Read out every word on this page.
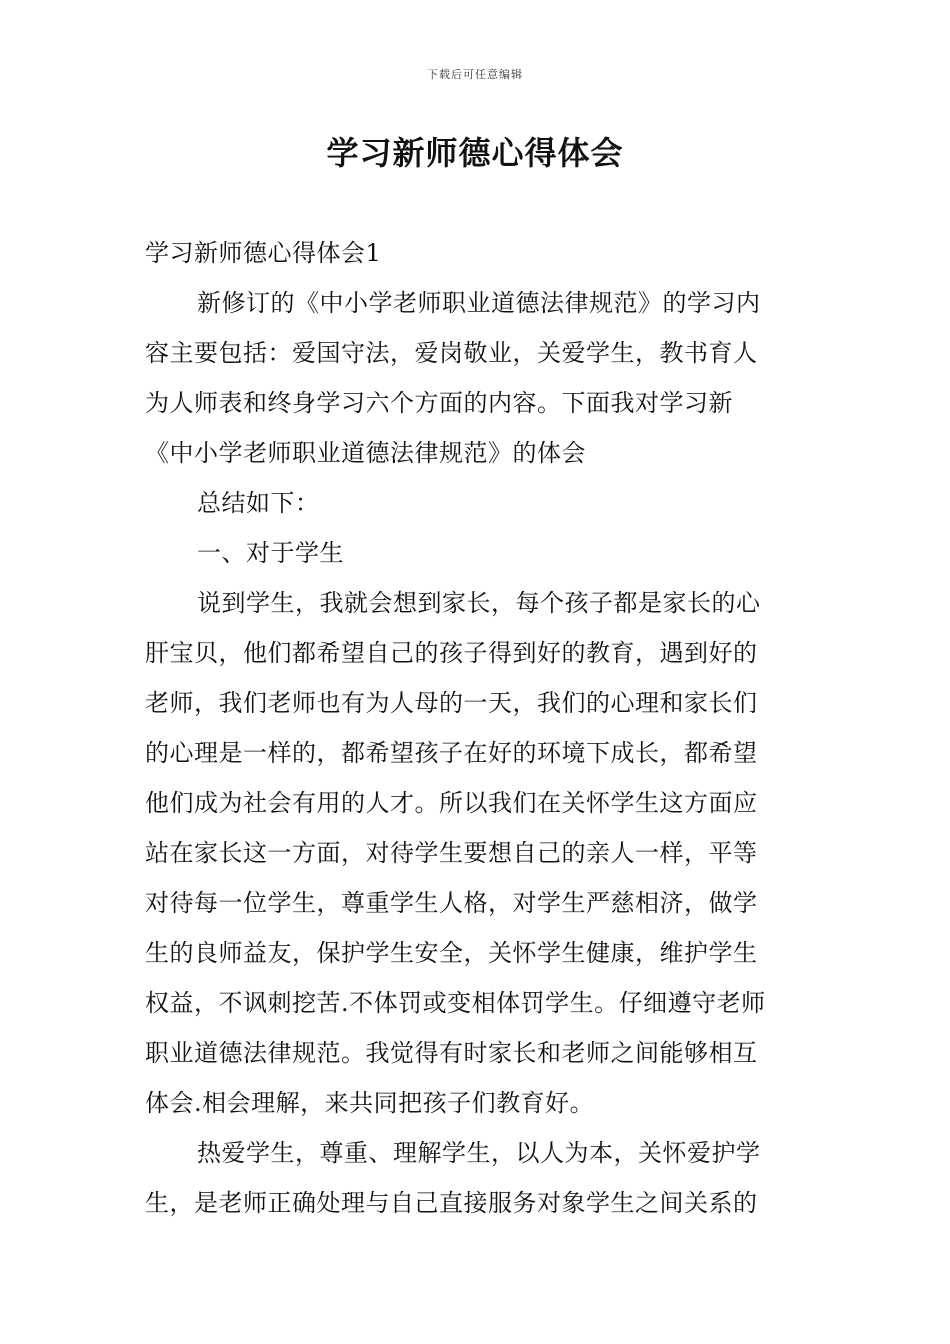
下载后可任意编辑
学习新师德心得体会
学习新师德心得体会1
新修订的《中小学老师职业道德法律规范》的学习内
容主要包括：爱国守法，爱岗敬业，关爱学生，教书育人
为人师表和终身学习六个方面的内容。下面我对学习新
《中小学老师职业道德法律规范》的体会
总结如下：
一、对于学生
说到学生，我就会想到家长，每个孩子都是家长的心
肝宝贝，他们都希望自己的孩子得到好的教育，遇到好的
老师，我们老师也有为人母的一天，我们的心理和家长们
的心理是一样的，都希望孩子在好的环境下成长，都希望
他们成为社会有用的人才。所以我们在关怀学生这方面应
站在家长这一方面，对待学生要想自己的亲人一样，平等
对待每一位学生，尊重学生人格，对学生严慈相济，做学
生的良师益友，保护学生安全，关怀学生健康，维护学生
权益，不讽刺挖苦.不体罚或变相体罚学生。仔细遵守老师
职业道德法律规范。我觉得有时家长和老师之间能够相互
体会.相会理解，来共同把孩子们教育好。
热爱学生，尊重、理解学生，以人为本，关怀爱护学
生，是老师正确处理与自己直接服务对象学生之间关系的
